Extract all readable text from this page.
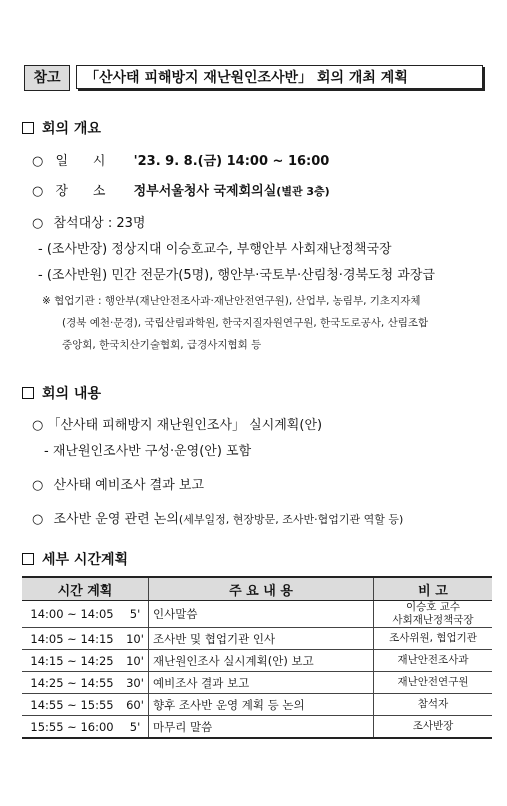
참고	「산사태 피해방지 재난원인조사반」 회의 개최 계획
회의 개요
○ 일      시 '23. 9. 8.(금) 14:00 ~ 16:00
○ 장      소 정부서울청사 국제회의실(별관 3층)
○ 참석대상 : 23명
- (조사반장) 정상지대 이승호교수, 부행안부 사회재난정책국장
- (조사반원) 민간 전문가(5명), 행안부·국토부·산림청·경북도청 과장급
※ 협업기관 : 행안부(재난안전조사과·재난안전연구원), 산업부, 농림부, 기초지자체
(경북 예천·문경), 국립산림과학원, 한국지질자원연구원, 한국도로공사, 산림조합
중앙회, 한국치산기술협회, 급경사지협회 등
회의 내용
○ 「산사태 피해방지 재난원인조사」 실시계획(안)
- 재난원인조사반 구성·운영(안) 포함
○ 산사태 예비조사 결과 보고
○ 조사반 운영 관련 논의(세부일정, 현장방문, 조사반·협업기관 역할 등)
세부 시간계획
시간 계획		주 요 내 용	비 고
14:00 ~ 14:05	5'	인사말씀	이승호 교수
사회재난정책국장

14:05 ~ 14:15	10'	조사반 및 협업기관 인사	조사위원, 협업기관

14:15 ~ 14:25	10'	재난원인조사 실시계획(안) 보고	재난안전조사과

14:25 ~ 14:55	30'	예비조사 결과 보고	재난안전연구원

14:55 ~ 15:55	60'	향후 조사반 운영 계획 등 논의	참석자

15:55 ~ 16:00	5'	마무리 말씀	조사반장
